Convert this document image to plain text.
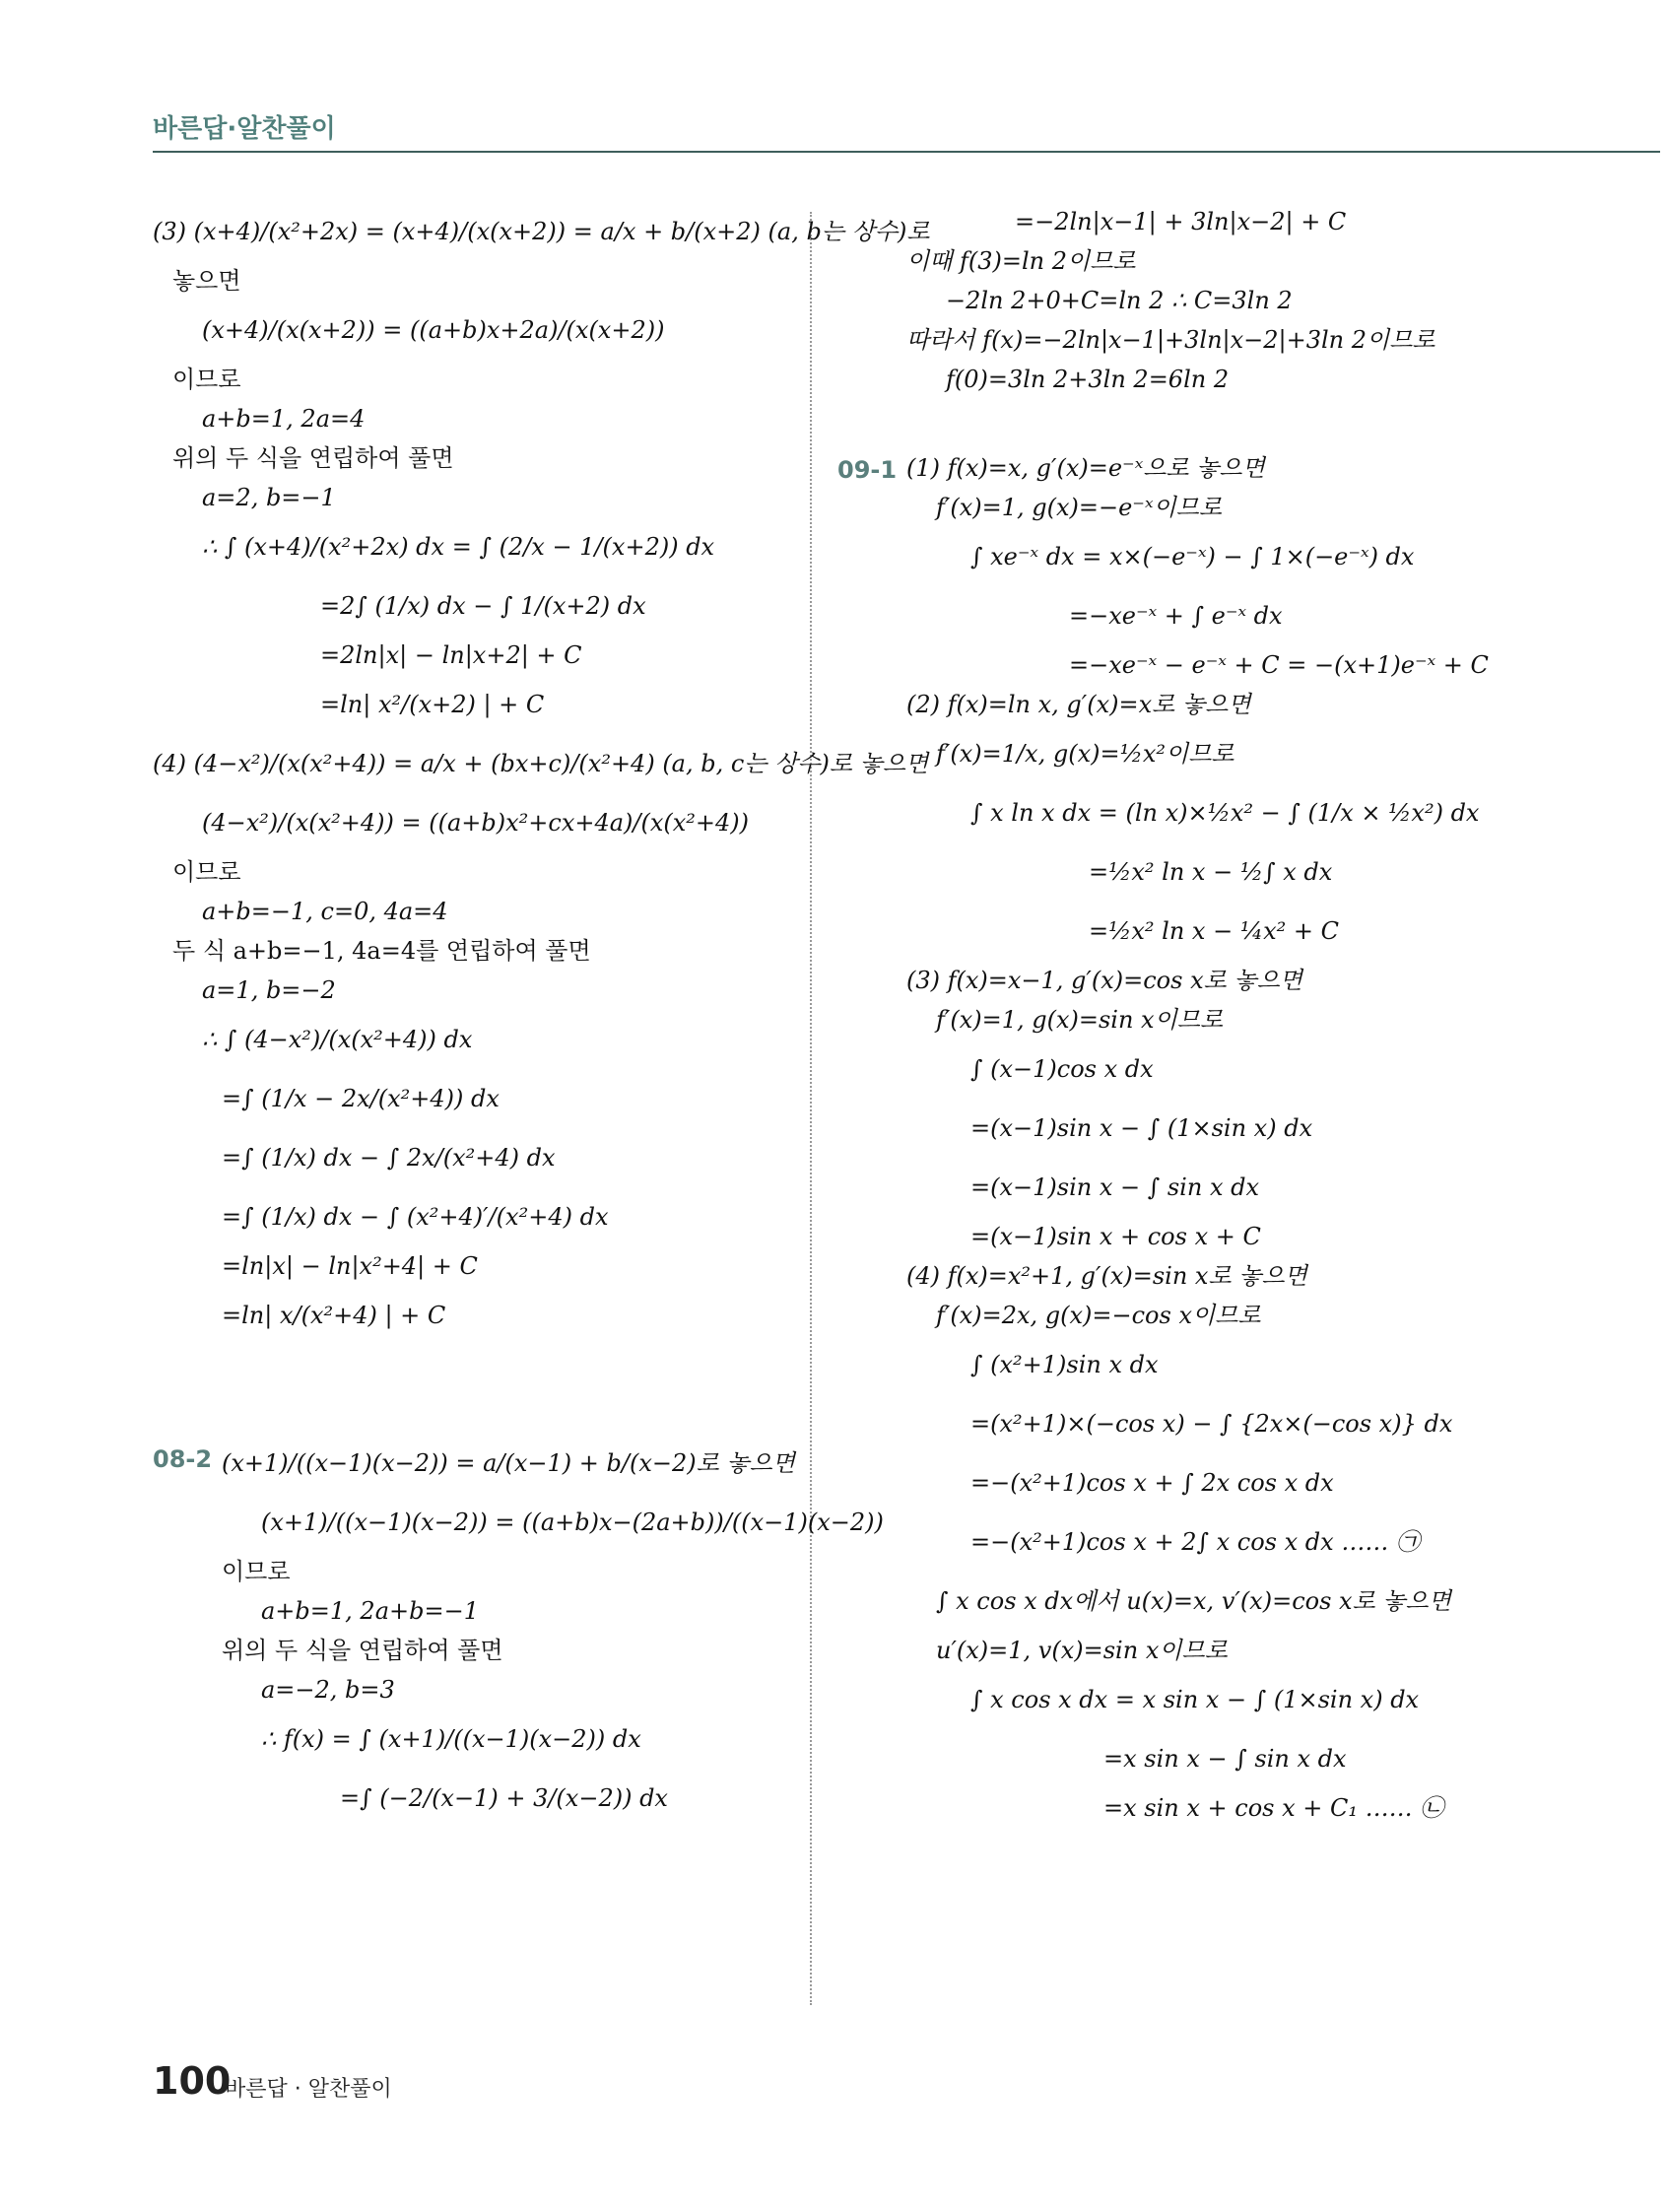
바른답·알찬풀이
(3) (x+4)/(x²+2x) = (x+4)/(x(x+2)) = a/x + b/(x+2) (a, b는 상수)로
놓으면
(x+4)/(x(x+2)) = ((a+b)x+2a)/(x(x+2))
이므로
a+b=1, 2a=4
위의 두 식을 연립하여 풀면
a=2, b=−1
∴ ∫ (x+4)/(x²+2x) dx = ∫ (2/x − 1/(x+2)) dx
=2∫ (1/x) dx − ∫ 1/(x+2) dx
=2ln|x| − ln|x+2| + C
=ln| x²/(x+2) | + C
(4) (4−x²)/(x(x²+4)) = a/x + (bx+c)/(x²+4) (a, b, c는 상수)로 놓으면
(4−x²)/(x(x²+4)) = ((a+b)x²+cx+4a)/(x(x²+4))
이므로
a+b=−1, c=0, 4a=4
두 식 a+b=−1, 4a=4를 연립하여 풀면
a=1, b=−2
∴ ∫ (4−x²)/(x(x²+4)) dx
=∫ (1/x − 2x/(x²+4)) dx
=∫ (1/x) dx − ∫ 2x/(x²+4) dx
=∫ (1/x) dx − ∫ (x²+4)′/(x²+4) dx
=ln|x| − ln|x²+4| + C
=ln| x/(x²+4) | + C
08-2 (x+1)/((x−1)(x−2)) = a/(x−1) + b/(x−2)로 놓으면
(x+1)/((x−1)(x−2)) = ((a+b)x−(2a+b))/((x−1)(x−2))
이므로
a+b=1, 2a+b=−1
위의 두 식을 연립하여 풀면
a=−2, b=3
∴ f(x) = ∫ (x+1)/((x−1)(x−2)) dx
=∫ (−2/(x−1) + 3/(x−2)) dx
=−2ln|x−1| + 3ln|x−2| + C
이때 f(3)=ln 2이므로
−2ln 2+0+C=ln 2 ∴ C=3ln 2
따라서 f(x)=−2ln|x−1|+3ln|x−2|+3ln 2이므로
f(0)=3ln 2+3ln 2=6ln 2
09-1 (1) f(x)=x, g′(x)=e⁻ˣ으로 놓으면
f′(x)=1, g(x)=−e⁻ˣ이므로
∫ xe⁻ˣ dx = x×(−e⁻ˣ) − ∫ 1×(−e⁻ˣ) dx
=−xe⁻ˣ + ∫ e⁻ˣ dx
=−xe⁻ˣ − e⁻ˣ + C = −(x+1)e⁻ˣ + C
(2) f(x)=ln x, g′(x)=x로 놓으면
f′(x)=1/x, g(x)=½x²이므로
∫ x ln x dx = (ln x)×½x² − ∫ (1/x × ½x²) dx
=½x² ln x − ½∫ x dx
=½x² ln x − ¼x² + C
(3) f(x)=x−1, g′(x)=cos x로 놓으면
f′(x)=1, g(x)=sin x이므로
∫ (x−1)cos x dx
=(x−1)sin x − ∫ (1×sin x) dx
=(x−1)sin x − ∫ sin x dx
=(x−1)sin x + cos x + C
(4) f(x)=x²+1, g′(x)=sin x로 놓으면
f′(x)=2x, g(x)=−cos x이므로
∫ (x²+1)sin x dx
=(x²+1)×(−cos x) − ∫ {2x×(−cos x)} dx
=−(x²+1)cos x + ∫ 2x cos x dx
=−(x²+1)cos x + 2∫ x cos x dx …… ㉠
∫ x cos x dx에서 u(x)=x, v′(x)=cos x로 놓으면
u′(x)=1, v(x)=sin x이므로
∫ x cos x dx = x sin x − ∫ (1×sin x) dx
=x sin x − ∫ sin x dx
=x sin x + cos x + C₁ …… ㉡
100
바른답 · 알찬풀이
